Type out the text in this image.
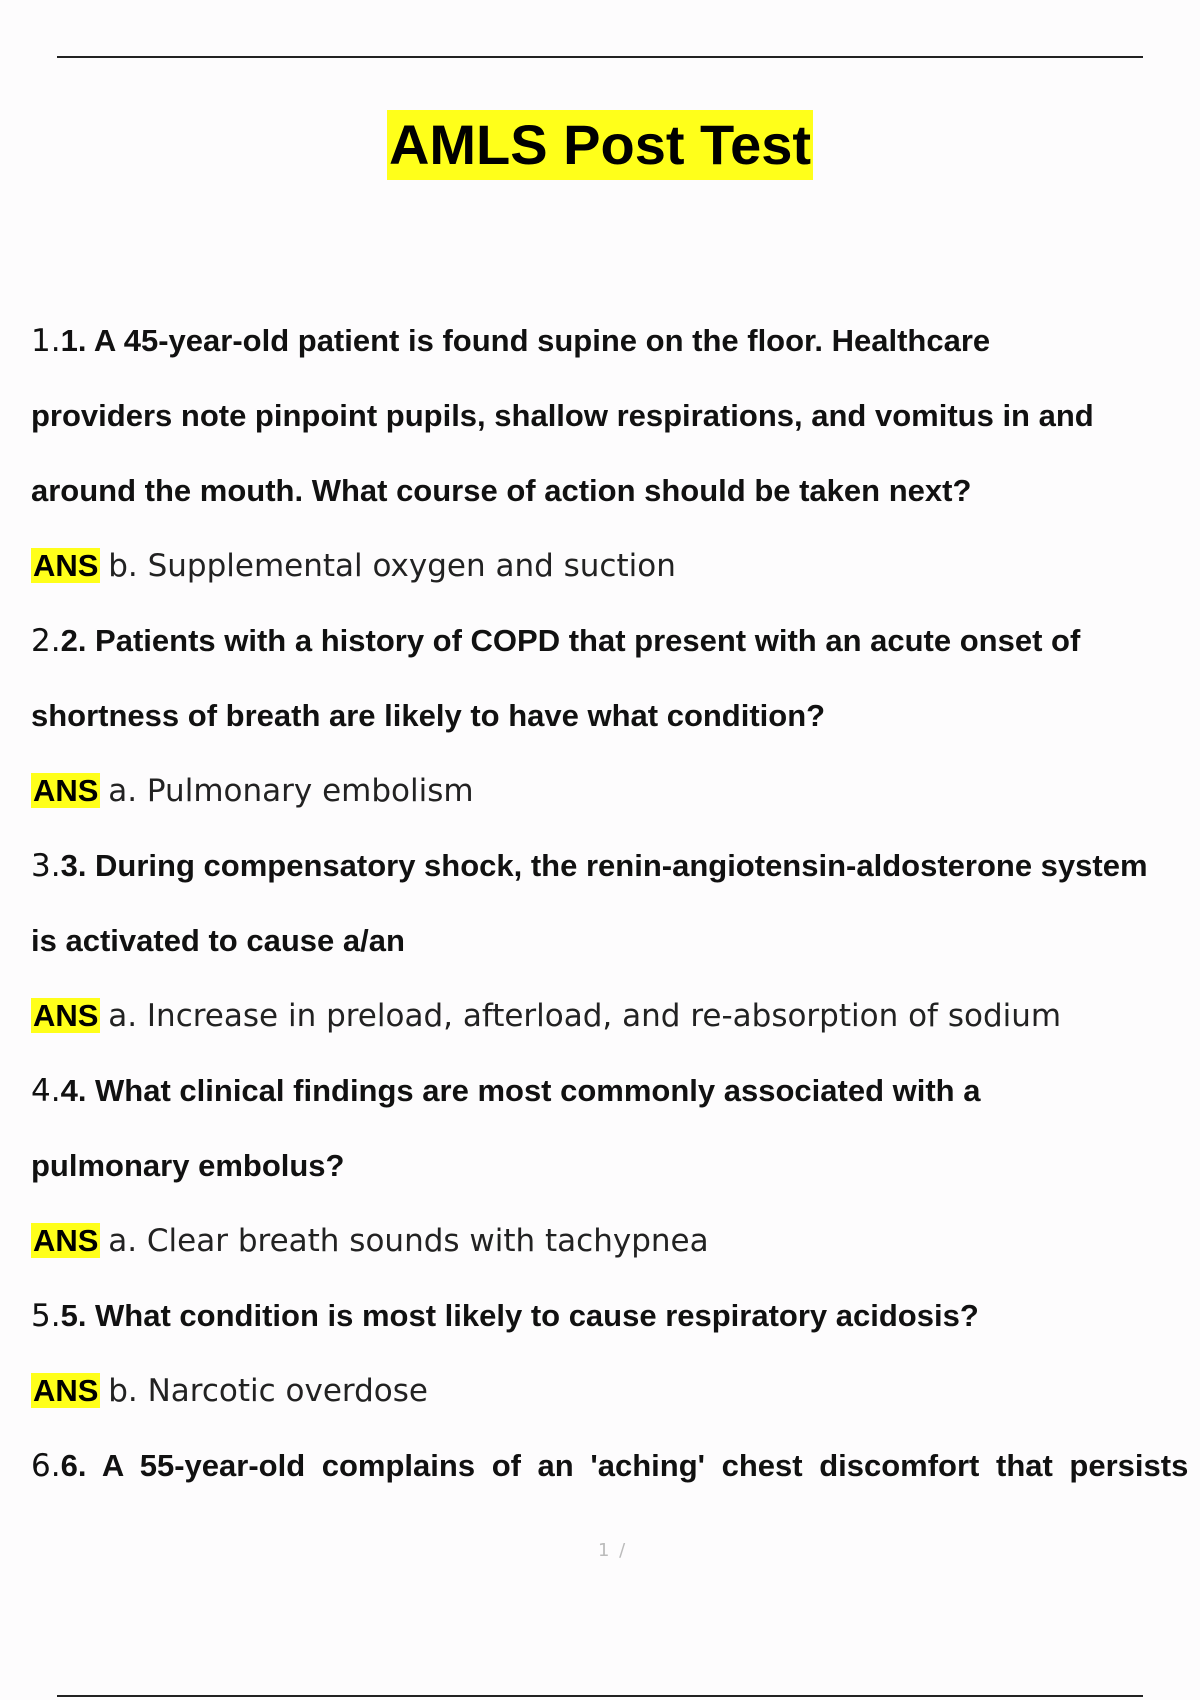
AMLS Post Test
1.1. A 45-year-old patient is found supine on the floor. Healthcare
providers note pinpoint pupils, shallow respirations, and vomitus in and
around the mouth. What course of action should be taken next?
ANS b. Supplemental oxygen and suction
2.2. Patients with a history of COPD that present with an acute onset of
shortness of breath are likely to have what condition?
ANS a. Pulmonary embolism
3.3. During compensatory shock, the renin-angiotensin-aldosterone system
is activated to cause a/an
ANS a. Increase in preload, afterload, and re-absorption of sodium
4.4. What clinical findings are most commonly associated with a
pulmonary embolus?
ANS a. Clear breath sounds with tachypnea
5.5. What condition is most likely to cause respiratory acidosis?
ANS b. Narcotic overdose
6.6. A 55-year-old complains of an 'aching' chest discomfort that persists
1 /
